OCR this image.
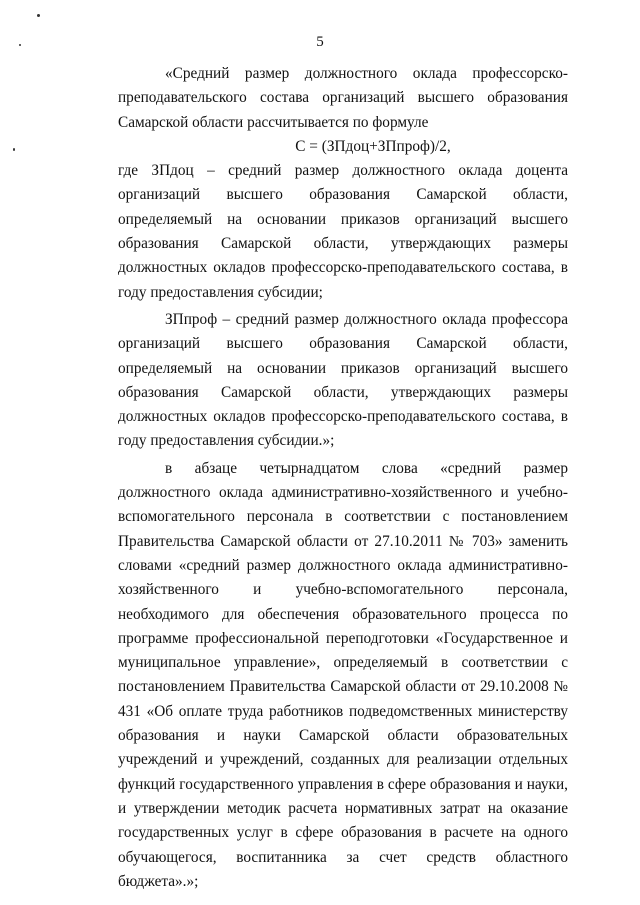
5

«Средний размер должностного оклада профессорско-преподавательского состава организаций высшего образования Самарской области рассчитывается по формуле

С = (ЗПдоц+ЗПпроф)/2,

где ЗПдоц – средний размер должностного оклада доцента организаций высшего образования Самарской области, определяемый на основании приказов организаций высшего образования Самарской области, утверждающих размеры должностных окладов профессорско-преподавательского состава, в году предоставления субсидии;

ЗПпроф – средний размер должностного оклада профессора организаций высшего образования Самарской области, определяемый на основании приказов организаций высшего образования Самарской области, утверждающих размеры должностных окладов профессорско-преподавательского состава, в году предоставления субсидии.»;

в абзаце четырнадцатом слова «средний размер должностного оклада административно-хозяйственного и учебно-вспомогательного персонала в соответствии с постановлением Правительства Самарской области от 27.10.2011 № 703» заменить словами «средний размер должностного оклада административно-хозяйственного и учебно-вспомогательного персонала, необходимого для обеспечения образовательного процесса по программе профессиональной переподготовки «Государственное и муниципальное управление», определяемый в соответствии с постановлением Правительства Самарской области от 29.10.2008 № 431 «Об оплате труда работников подведомственных министерству образования и науки Самарской области образовательных учреждений и учреждений, созданных для реализации отдельных функций государственного управления в сфере образования и науки, и утверждении методик расчета нормативных затрат на оказание государственных услуг в сфере образования в расчете на одного обучающегося, воспитанника за счет средств областного бюджета».»;
